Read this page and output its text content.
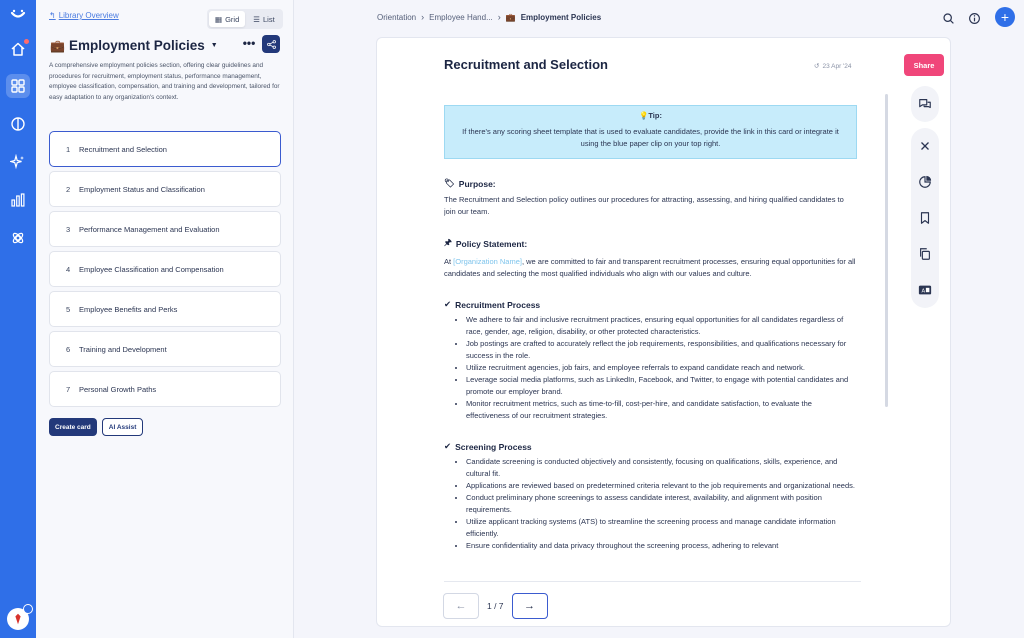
↰ Library Overview	▦ Grid ☰ List
💼 Employment Policies ▼ •••
A comprehensive employment policies section, offering clear guidelines and procedures for recruitment, employment status, performance management, employee classification, compensation, and training and development, tailored for easy adaptation to any organization's context.
1	Recruitment and Selection
2	Employment Status and Classification
3	Performance Management and Evaluation
4	Employee Classification and Compensation
5	Employee Benefits and Perks
6	Training and Development
7	Personal Growth Paths
Create card	AI Assist
Orientation › Employee Hand... › 💼 Employment Policies	+
Recruitment and Selection	↺ 23 Apr '24
💡Tip:
If there's any scoring sheet template that is used to evaluate candidates, provide the link in this card or integrate it using the blue paper clip on your top right.
🏷 Purpose:
The Recruitment and Selection policy outlines our procedures for attracting, assessing, and hiring qualified candidates to join our team.
🖈 Policy Statement:
At [Organization Name], we are committed to fair and transparent recruitment processes, ensuring equal opportunities for all candidates and selecting the most qualified individuals who align with our values and culture.
✔ Recruitment Process
• We adhere to fair and inclusive recruitment practices, ensuring equal opportunities for all candidates regardless of race, gender, age, religion, disability, or other protected characteristics.
• Job postings are crafted to accurately reflect the job requirements, responsibilities, and qualifications necessary for success in the role.
• Utilize recruitment agencies, job fairs, and employee referrals to expand candidate reach and network.
• Leverage social media platforms, such as LinkedIn, Facebook, and Twitter, to engage with potential candidates and promote our employer brand.
• Monitor recruitment metrics, such as time-to-fill, cost-per-hire, and candidate satisfaction, to evaluate the effectiveness of our recruitment strategies.
✔ Screening Process
• Candidate screening is conducted objectively and consistently, focusing on qualifications, skills, experience, and cultural fit.
• Applications are reviewed based on predetermined criteria relevant to the job requirements and organizational needs.
• Conduct preliminary phone screenings to assess candidate interest, availability, and alignment with position requirements.
• Utilize applicant tracking systems (ATS) to streamline the screening process and manage candidate information efficiently.
• Ensure confidentiality and data privacy throughout the screening process, adhering to relevant
←	1 / 7	→
Share
A
